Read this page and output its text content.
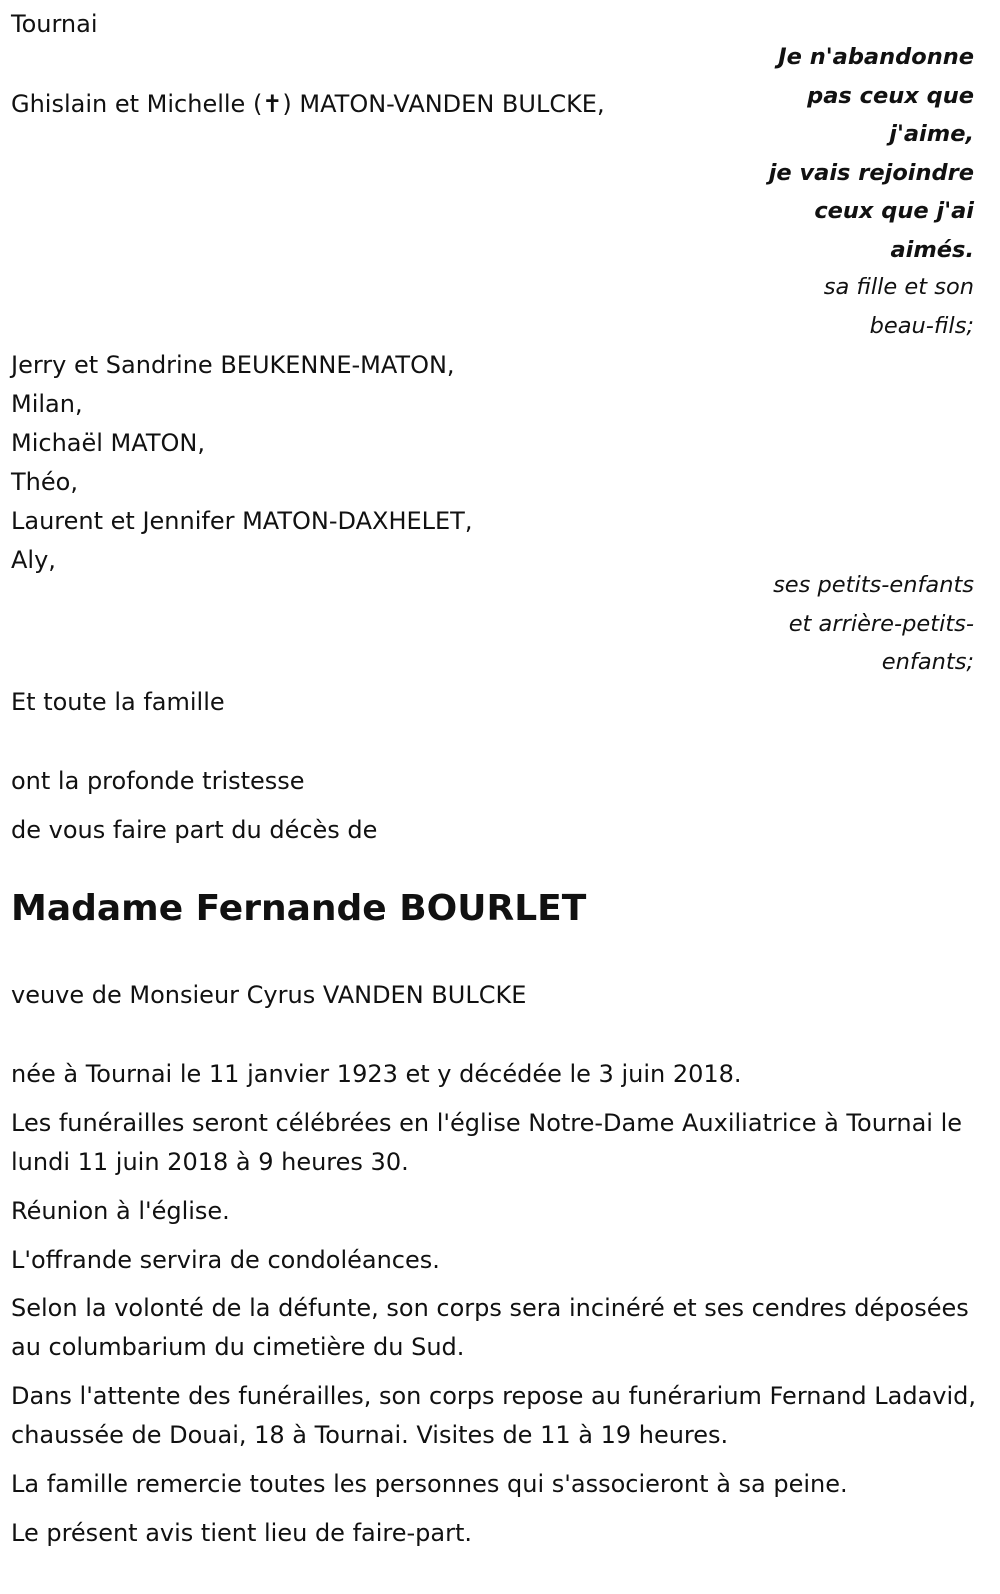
Tournai
Je n'abandonne
pas ceux que
j'aime,
je vais rejoindre
ceux que j'ai
aimés.
Ghislain et Michelle (✝) MATON-VANDEN BULCKE,
sa fille et son
beau-fils;
Jerry et Sandrine BEUKENNE-MATON,
Milan,
Michaël MATON,
Théo,
Laurent et Jennifer MATON-DAXHELET,
Aly,
ses petits-enfants
et arrière-petits-
enfants;
Et toute la famille
ont la profonde tristesse
de vous faire part du décès de
Madame Fernande BOURLET
veuve de Monsieur Cyrus VANDEN BULCKE
née à Tournai le 11 janvier 1923 et y décédée le 3 juin 2018.
Les funérailles seront célébrées en l'église Notre-Dame Auxiliatrice à Tournai le lundi 11 juin 2018 à 9 heures 30.
Réunion à l'église.
L'offrande servira de condoléances.
Selon la volonté de la défunte, son corps sera incinéré et ses cendres déposées au columbarium du cimetière du Sud.
Dans l'attente des funérailles, son corps repose au funérarium Fernand Ladavid, chaussée de Douai, 18 à Tournai. Visites de 11 à 19 heures.
La famille remercie toutes les personnes qui s'associeront à sa peine.
Le présent avis tient lieu de faire-part.
